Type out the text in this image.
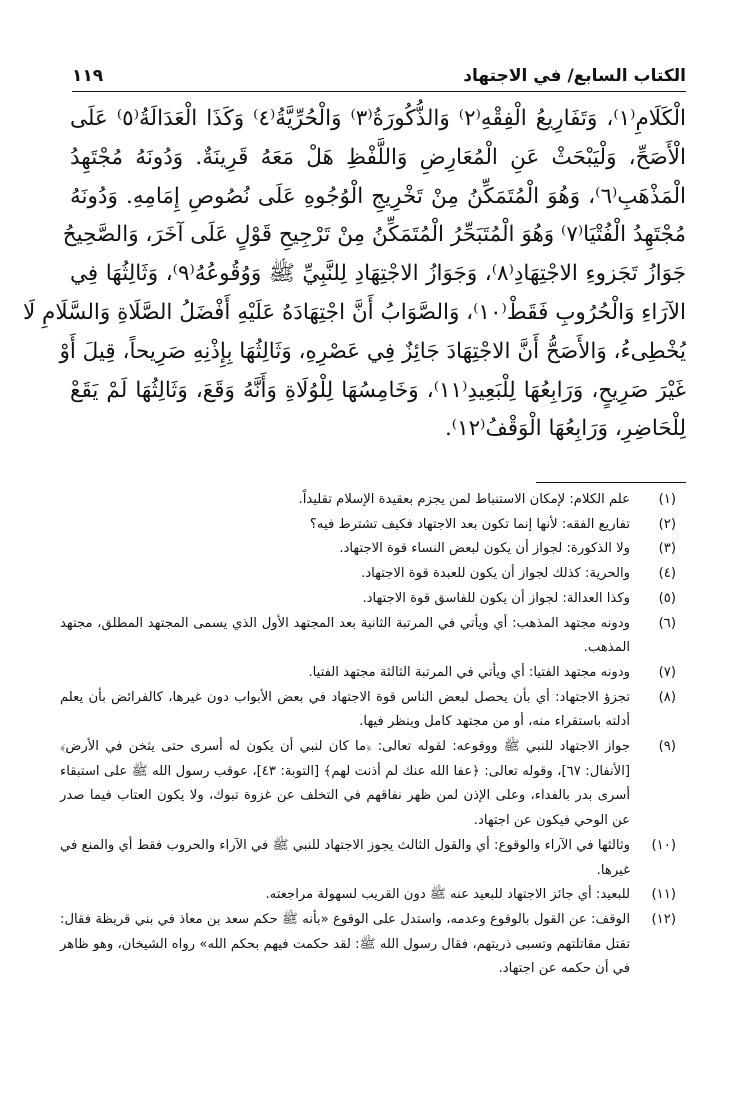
الكتاب السابع/ في الاجتهاد
١١٩
الْكَلَامِ⁽١⁾، وَتَفَارِيعُ الْفِقْهِ⁽٢⁾ وَالذُّكُورَةُ⁽٣⁾ وَالْحُرِّيَّةُ⁽٤⁾ وَكَذَا الْعَدَالَةُ⁽٥⁾ عَلَى
الْأَصَحِّ، وَلْيَبْحَثْ عَنِ الْمُعَارِضِ وَاللَّفْظِ هَلْ مَعَهُ قَرِينَةٌ. وَدُونَهُ مُجْتَهِدُ
الْمَذْهَبِ⁽٦⁾، وَهُوَ الْمُتَمَكِّنُ مِنْ تَخْرِيجِ الْوُجُوهِ عَلَى نُصُوصِ إِمَامِهِ. وَدُونَهُ
مُجْتَهِدُ الْفُتْيَا⁽٧⁾ وَهُوَ الْمُتَبَحِّرُ الْمُتَمَكِّنُ مِنْ تَرْجِيحِ قَوْلٍ عَلَى آخَرَ، وَالصَّحِيحُ
جَوَازُ تَجَزوءِ الاجْتِهَادِ⁽٨⁾، وَجَوَازُ الاجْتِهَادِ لِلنَّبِيِّ ﷺ وَوُقُوعُهُ⁽٩⁾، وَثَالِثُهَا فِي
الآرَاءِ وَالْحُرُوبِ فَقَطْ⁽١٠⁾، وَالصَّوَابُ أَنَّ اجْتِهَادَهُ عَلَيْهِ أَفْضَلُ الصَّلَاةِ وَالسَّلَامِ لَا
يُخْطِىءُ، وَالأَصَحُّ أَنَّ الاجْتِهَادَ جَائِزٌ فِي عَصْرِهِ، وَثَالِثُهَا بِإِذْنِهِ صَرِيحاً، قِيلَ أَوْ
غَيْرَ صَرِيحٍ، وَرَابِعُهَا لِلْبَعِيدِ⁽١١⁾، وَخَامِسُهَا لِلْوُلَاةِ وَأَنَّهُ وَقَعَ، وَثَالِثُهَا لَمْ يَقَعْ
لِلْحَاضِرِ، وَرَابِعُهَا الْوَقْفُ⁽١٢⁾.
(١)
علم الكلام: لإمكان الاستنباط لمن يجزم بعقيدة الإسلام تقليداً.
(٢)
تفاريع الفقه: لأنها إنما تكون بعد الاجتهاد فكيف تشترط فيه؟
(٣)
ولا الذكورة: لجواز أن يكون لبعض النساء قوة الاجتهاد.
(٤)
والحرية: كذلك لجواز أن يكون للعبدة قوة الاجتهاد.
(٥)
وكذا العدالة: لجواز أن يكون للفاسق قوة الاجتهاد.
(٦)
ودونه مجتهد المذهب: أي ويأتي في المرتبة الثانية بعد المجتهد الأول الذي يسمى المجتهد المطلق، مجتهد المذهب.
(٧)
ودونه مجتهد الفتيا: أي ويأتي في المرتبة الثالثة مجتهد الفتيا.
(٨)
تجزؤ الاجتهاد: أي بأن يحصل لبعض الناس قوة الاجتهاد في بعض الأبواب دون غيرها، كالفرائض بأن يعلم أدلته باستقراء منه، أو من مجتهد كامل وينظر فيها.
(٩)
جواز الاجتهاد للنبي ﷺ ووقوعه: لقوله تعالى: ﴿ما كان لنبي أن يكون له أسرى حتى يثخن في الأرض﴾ [الأنفال: ٦٧]، وقوله تعالى: ﴿عفا الله عنك لم أذنت لهم﴾ [التوبة: ٤٣]، عوقب رسول الله ﷺ على استبقاء أسرى بدر بالفداء، وعلى الإذن لمن ظهر نفاقهم في التخلف عن غزوة تبوك، ولا يكون العتاب فيما صدر عن الوحي فيكون عن اجتهاد.
(١٠)
وثالثها في الآراء والوقوع: أي والقول الثالث يجوز الاجتهاد للنبي ﷺ في الآراء والحروب فقط أي والمنع في غيرها.
(١١)
للبعيد: أي جائز الاجتهاد للبعيد عنه ﷺ دون القريب لسهولة مراجعته.
(١٢)
الوقف: عن القول بالوقوع وعدمه، واستدل على الوقوع «بأنه ﷺ حكم سعد بن معاذ في بني قريظة فقال: تقتل مقاتلتهم وتسبى ذريتهم، فقال رسول الله ﷺ: لقد حكمت فيهم بحكم الله» رواه الشيخان، وهو ظاهر في أن حكمه عن اجتهاد.
